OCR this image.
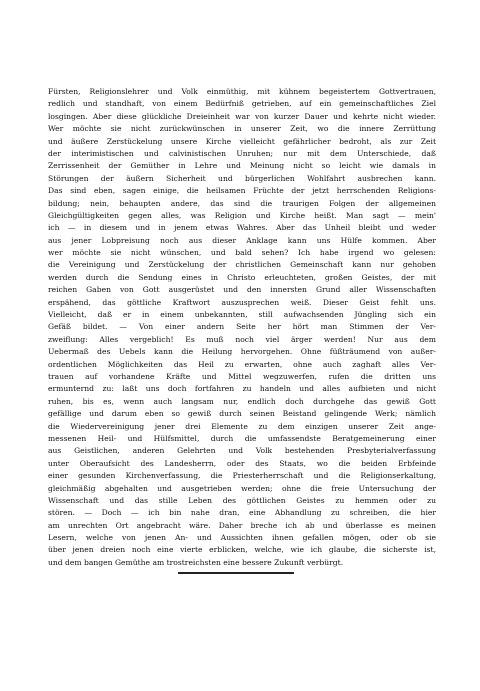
Fürsten, Religionslehrer und Volk einmüthig, mit kühnem begeistertem Gottvertrauen,
redlich und standhaft, von einem Bedürfniß getrieben, auf ein gemeinschaftliches Ziel
losgingen. Aber diese glückliche Dreieinheit war von kurzer Dauer und kehrte nicht wieder.
Wer möchte sie nicht zurückwünschen in unserer Zeit, wo die innere Zerrüttung
und äußere Zerstückelung unsere Kirche vielleicht gefährlicher bedroht, als zur Zeit
der interimistischen und calvinistischen Unruhen; nur mit dem Unterschiede, daß
Zerrissenheit der Gemüther in Lehre und Meinung nicht so leicht wie damals in
Störungen der äußern Sicherheit und bürgerlichen Wohlfahrt ausbrechen kann.
Das sind eben, sagen einige, die heilsamen Früchte der jetzt herrschenden Religions-
bildung; nein, behaupten andere, das sind die traurigen Folgen der allgemeinen
Gleichgültigkeiten gegen alles, was Religion und Kirche heißt. Man sagt — mein'
ich — in diesem und in jenem etwas Wahres. Aber das Unheil bleibt und weder
aus jener Lobpreisung noch aus dieser Anklage kann uns Hülfe kommen. Aber
wer möchte sie nicht wünschen, und bald sehen? Ich habe irgend wo gelesen:
die Vereinigung und Zerstückelung der christlichen Gemeinschaft kann nur gehoben
werden durch die Sendung eines in Christo erleuchteten, großen Geistes, der mit
reichen Gaben von Gott ausgerüstet und den innersten Grund aller Wissenschaften
erspähend, das göttliche Kraftwort auszusprechen weiß. Dieser Geist fehlt uns.
Vielleicht, daß er in einem unbekannten, still aufwachsenden Jüngling sich ein
Gefäß bildet. — Von einer andern Seite her hört man Stimmen der Ver-
zweiflung: Alles vergeblich! Es muß noch viel ärger werden! Nur aus dem
Uebermaß des Uebels kann die Heilung hervorgehen. Ohne füßträumend von außer-
ordentlichen Möglichkeiten das Heil zu erwarten, ohne auch zaghaft alles Ver-
trauen auf vorhandene Kräfte und Mittel wegzuwerfen, rufen die dritten uns
ermunternd zu: laßt uns doch fortfahren zu handeln und alles aufbieten und nicht
ruhen, bis es, wenn auch langsam nur, endlich doch durchgehe das gewiß Gott
gefällige und darum eben so gewiß durch seinen Beistand gelingende Werk; nämlich
die Wiedervereinigung jener drei Elemente zu dem einzigen unserer Zeit ange-
messenen Heil- und Hülfsmittel, durch die umfassendste Beratgemeinerung einer
aus Geistlichen, anderen Gelehrten und Volk bestehenden Presbyterialverfassung
unter Oberaufsicht des Landesherrn, oder des Staats, wo die beiden Erbfeinde
einer gesunden Kirchenverfassung, die Priesterherrschaft und die Religionserkaltung,
gleichmäßig abgehalten und ausgetrieben werden; ohne die freie Untersuchung der
Wissenschaft und das stille Leben des göttlichen Geistes zu hemmen oder zu
stören. — Doch — ich bin nahe dran, eine Abhandlung zu schreiben, die hier
am unrechten Ort angebracht wäre. Daher breche ich ab und überlasse es meinen
Lesern, welche von jenen An- und Aussichten ihnen gefallen mögen, oder ob sie
über jenen dreien noch eine vierte erblicken, welche, wie ich glaube, die sicherste ist,
und dem bangen Gemüthe am trostreichsten eine bessere Zukunft verbürgt.
